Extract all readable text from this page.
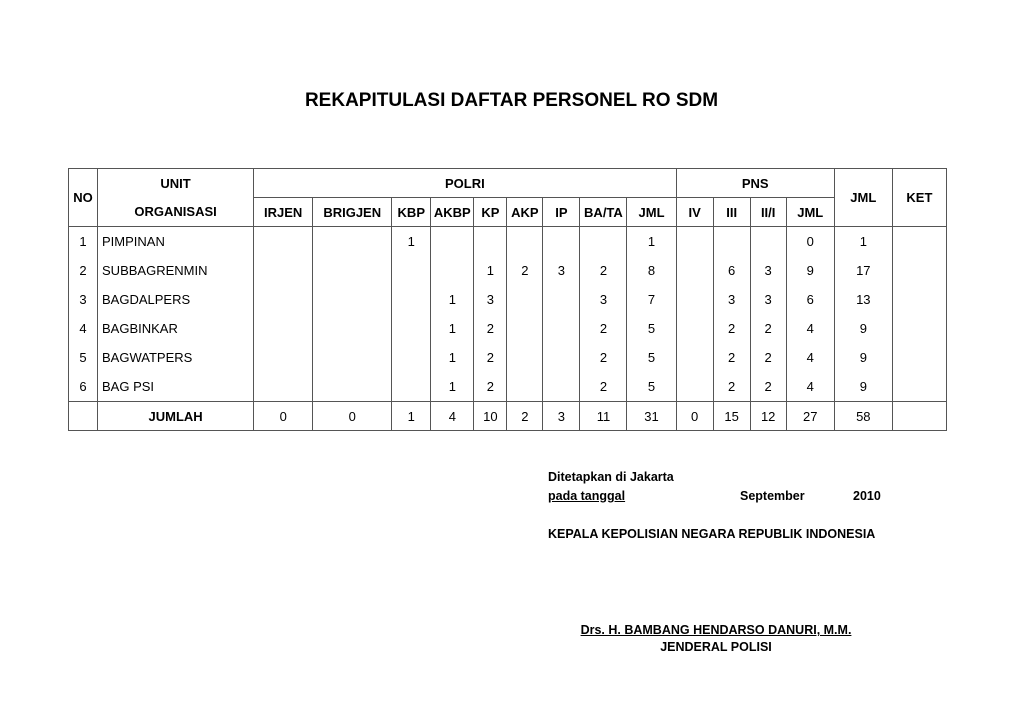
REKAPITULASI DAFTAR PERSONEL RO SDM
NO	UNIT	POLRI									PNS				JML	KET
	ORGANISASI	IRJEN	BRIGJEN	KBP	AKBP	KP	AKP	IP	BA/TA	JML	IV	III	II/I	JML		
1	PIMPINAN			1						1				0	1	
2	SUBBAGRENMIN					1	2	3	2	8		6	3	9	17	
3	BAGDALPERS				1	3			3	7		3	3	6	13	
4	BAGBINKAR				1	2			2	5		2	2	4	9	
5	BAGWATPERS				1	2			2	5		2	2	4	9	
6	BAG PSI				1	2			2	5		2	2	4	9	
	JUMLAH	0	0	1	4	10	2	3	11	31	0	15	12	27	58	
Ditetapkan di Jakarta
pada tanggal	September	2010
KEPALA KEPOLISIAN NEGARA REPUBLIK INDONESIA
Drs. H. BAMBANG HENDARSO DANURI, M.M.
JENDERAL POLISI
